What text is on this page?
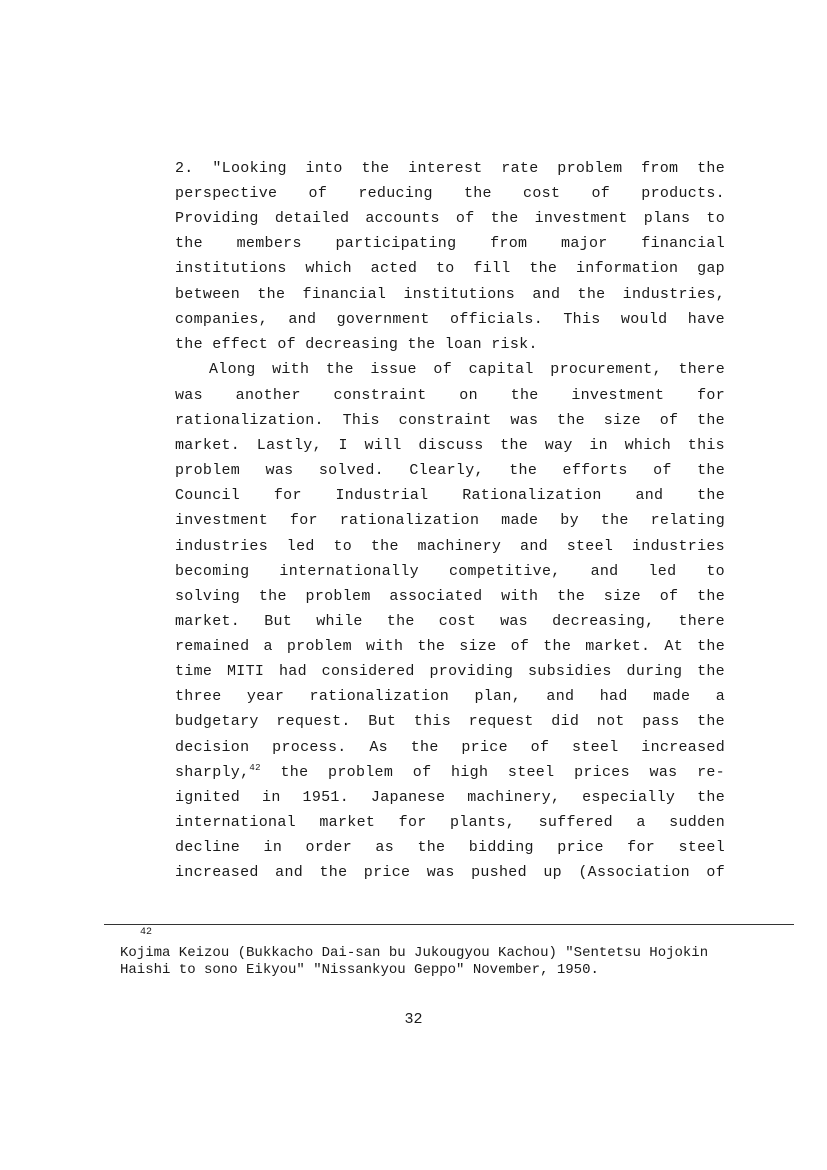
2. "Looking into the interest rate problem from the
perspective of reducing the cost of products.
Providing detailed accounts of the investment plans to
the members participating from major financial
institutions which acted to fill the information gap
between the financial institutions and the industries,
companies, and government officials. This would have
the effect of decreasing the loan risk.
Along with the issue of capital procurement, there
was another constraint on the investment for
rationalization. This constraint was the size of the
market. Lastly, I will discuss the way in which this
problem was solved. Clearly, the efforts of the
Council for Industrial Rationalization and the
investment for rationalization made by the relating
industries led to the machinery and steel industries
becoming internationally competitive, and led to
solving the problem associated with the size of the
market. But while the cost was decreasing, there
remained a problem with the size of the market. At the
time MITI had considered providing subsidies during the
three year rationalization plan, and had made a
budgetary request. But this request did not pass the
decision process. As the price of steel increased
sharply,$^{42}$ the problem of high steel prices was re-
ignited in 1951. Japanese machinery, especially the
international market for plants, suffered a sudden
decline in order as the bidding price for steel
increased and the price was pushed up (Association of
42
Kojima Keizou (Bukkacho Dai-san bu Jukougyou Kachou) "Sentetsu Hojokin
Haishi to sono Eikyou" "Nissankyou Geppo" November, 1950.
32
